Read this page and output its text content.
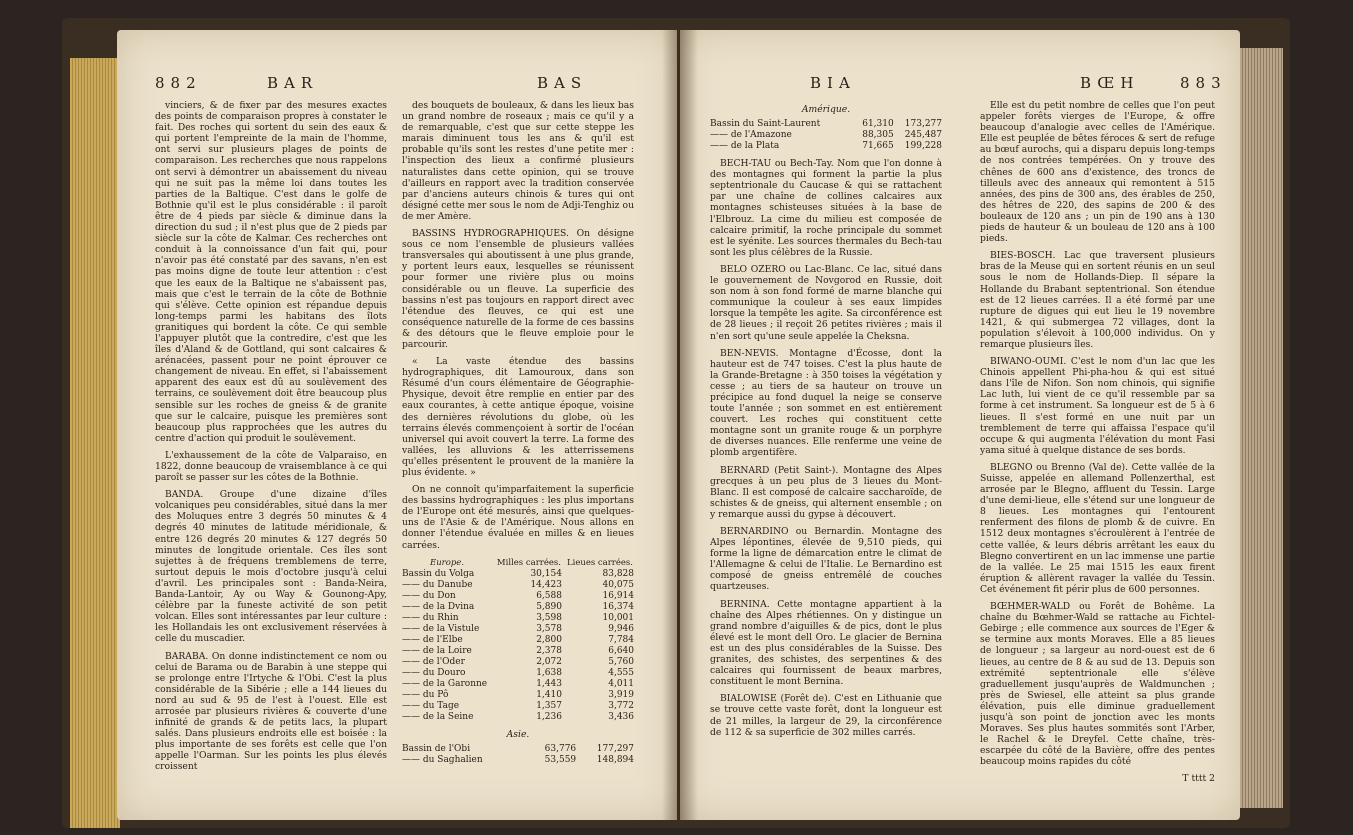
882	BAR	BAS

vinciers, & de fixer par des mesures exactes des points de comparaison propres à constater le fait. Des roches qui sortent du sein des eaux & qui portent l'empreinte de la main de l'homme, ont servi sur plusieurs plages de points de comparaison. Les recherches que nous rappelons ont servi à démontrer un abaissement du niveau qui ne suit pas la même loi dans toutes les parties de la Baltique. C'est dans le golfe de Bothnie qu'il est le plus considérable : il paroît être de 4 pieds par siècle & diminue dans la direction du sud ; il n'est plus que de 2 pieds par siècle sur la côte de Kalmar. Ces recherches ont conduit à la connoissance d'un fait qui, pour n'avoir pas été constaté par des savans, n'en est pas moins digne de toute leur attention : c'est que les eaux de la Baltique ne s'abaissent pas, mais que c'est le terrain de la côte de Bothnie qui s'élève. Cette opinion est répandue depuis long-temps parmi les habitans des îlots granitiques qui bordent la côte. Ce qui semble l'appuyer plutôt que la contredire, c'est que les îles d'Aland & de Gottland, qui sont calcaires & arénacées, passent pour ne point éprouver ce changement de niveau. En effet, si l'abaissement apparent des eaux est dû au soulèvement des terrains, ce soulèvement doit être beaucoup plus sensible sur les roches de gneiss & de granite que sur le calcaire, puisque les premières sont beaucoup plus rapprochées que les autres du centre d'action qui produit le soulèvement.

L'exhaussement de la côte de Valparaiso, en 1822, donne beaucoup de vraisemblance à ce qui paroît se passer sur les côtes de la Bothnie.

BANDA. Groupe d'une dizaine d'îles volcaniques peu considérables, situé dans la mer des Moluques entre 3 degrés 50 minutes & 4 degrés 40 minutes de latitude méridionale, & entre 126 degrés 20 minutes & 127 degrés 50 minutes de longitude orientale. Ces îles sont sujettes à de fréquens tremblemens de terre, surtout depuis le mois d'octobre jusqu'à celui d'avril. Les principales sont : Banda-Neira, Banda-Lantoir, Ay ou Way & Gounong-Apy, célèbre par la funeste activité de son petit volcan. Elles sont intéressantes par leur culture : les Hollandais les ont exclusivement réservées à celle du muscadier.

BARABA. On donne indistinctement ce nom ou celui de Barama ou de Barabin à une steppe qui se prolonge entre l'Irtyche & l'Obi. C'est la plus considérable de la Sibérie ; elle a 144 lieues du nord au sud & 95 de l'est à l'ouest. Elle est arrosée par plusieurs rivières & couverte d'une infinité de grands & de petits lacs, la plupart salés. Dans plusieurs endroits elle est boisée : la plus importante de ses forêts est celle que l'on appelle l'Oarman. Sur les points les plus élevés croissent

des bouquets de bouleaux, & dans les lieux bas un grand nombre de roseaux ; mais ce qu'il y a de remarquable, c'est que sur cette steppe les marais diminuent tous les ans & qu'il est probable qu'ils sont les restes d'une petite mer : l'inspection des lieux a confirmé plusieurs naturalistes dans cette opinion, qui se trouve d'ailleurs en rapport avec la tradition conservée par d'anciens auteurs chinois & tures qui ont désigné cette mer sous le nom de Adji-Tenghiz ou de mer Amère.

BASSINS HYDROGRAPHIQUES. On désigne sous ce nom l'ensemble de plusieurs vallées transversales qui aboutissent à une plus grande, y portent leurs eaux, lesquelles se réunissent pour former une rivière plus ou moins considérable ou un fleuve. La superficie des bassins n'est pas toujours en rapport direct avec l'étendue des fleuves, ce qui est une conséquence naturelle de la forme de ces bassins & des détours que le fleuve emploie pour le parcourir.

« La vaste étendue des bassins hydrographiques, dit Lamouroux, dans son Résumé d'un cours élémentaire de Géographie-Physique, devoit être remplie en entier par des eaux courantes, à cette antique époque, voisine des dernières révolutions du globe, où les terrains élevés commençoient à sortir de l'océan universel qui avoit couvert la terre. La forme des vallées, les alluvions & les atterrissemens qu'elles présentent le prouvent de la manière la plus évidente. »

On ne connoît qu'imparfaitement la superficie des bassins hydrographiques : les plus importans de l'Europe ont été mesurés, ainsi que quelques-uns de l'Asie & de l'Amérique. Nous allons en donner l'étendue évaluée en milles & en lieues carrées.

Europe.	Milles carrées.	Lieues carrées.
Bassin du Volga	30,154	83,828
—— du Danube	14,423	40,075
—— du Don	6,588	16,914
—— de la Dvina	5,890	16,374
—— du Rhin	3,598	10,001
—— de la Vistule	3,578	9,946
—— de l'Elbe	2,800	7,784
—— de la Loire	2,378	6,640
—— de l'Oder	2,072	5,760
—— du Douro	1,638	4,555
—— de la Garonne	1,443	4,011
—— du Pô	1,410	3,919
—— du Tage	1,357	3,772
—— de la Seine	1,236	3,436
Asie.
Bassin de l'Obi	63,776	177,297
—— du Saghalien	53,559	148,894
BIA	BŒH	883
Amérique.
Bassin du Saint-Laurent	61,310	173,277
—— de l'Amazone	88,305	245,487
—— de la Plata	71,665	199,228

BECH-TAU ou Bech-Tay. Nom que l'on donne à des montagnes qui forment la partie la plus septentrionale du Caucase & qui se rattachent par une chaîne de collines calcaires aux montagnes schisteuses situées à la base de l'Elbrouz. La cime du milieu est composée de calcaire primitif, la roche principale du sommet est le syénite. Les sources thermales du Bech-tau sont les plus célèbres de la Russie.

BELO OZERO ou Lac-Blanc. Ce lac, situé dans le gouvernement de Novgorod en Russie, doit son nom à son fond formé de marne blanche qui communique la couleur à ses eaux limpides lorsque la tempête les agite. Sa circonférence est de 28 lieues ; il reçoit 26 petites rivières ; mais il n'en sort qu'une seule appelée la Cheksna.

BEN-NEVIS. Montagne d'Écosse, dont la hauteur est de 747 toises. C'est la plus haute de la Grande-Bretagne : à 350 toises la végétation y cesse ; au tiers de sa hauteur on trouve un précipice au fond duquel la neige se conserve toute l'année ; son sommet en est entièrement couvert. Les roches qui constituent cette montagne sont un granite rouge & un porphyre de diverses nuances. Elle renferme une veine de plomb argentifère.

BERNARD (Petit Saint-). Montagne des Alpes grecques à un peu plus de 3 lieues du Mont-Blanc. Il est composé de calcaire saccharoïde, de schistes & de gneiss, qui alternent ensemble ; on y remarque aussi du gypse à découvert.

BERNARDINO ou Bernardin. Montagne des Alpes lépontines, élevée de 9,510 pieds, qui forme la ligne de démarcation entre le climat de l'Allemagne & celui de l'Italie. Le Bernardino est composé de gneiss entremêlé de couches quartzeuses.

BERNINA. Cette montagne appartient à la chaîne des Alpes rhétiennes. On y distingue un grand nombre d'aiguilles & de pics, dont le plus élevé est le mont dell Oro. Le glacier de Bernina est un des plus considérables de la Suisse. Des granites, des schistes, des serpentines & des calcaires qui fournissent de beaux marbres, constituent le mont Bernina.

BIALOWISE (Forêt de). C'est en Lithuanie que se trouve cette vaste forêt, dont la longueur est de 21 milles, la largeur de 29, la circonférence de 112 & sa superficie de 302 milles carrés.

Elle est du petit nombre de celles que l'on peut appeler forêts vierges de l'Europe, & offre beaucoup d'analogie avec celles de l'Amérique. Elle est peuplée de bêtes féroces & sert de refuge au bœuf aurochs, qui a disparu depuis long-temps de nos contrées tempérées. On y trouve des chênes de 600 ans d'existence, des troncs de tilleuls avec des anneaux qui remontent à 515 années, des pins de 300 ans, des érables de 250, des hêtres de 220, des sapins de 200 & des bouleaux de 120 ans ; un pin de 190 ans à 130 pieds de hauteur & un bouleau de 120 ans à 100 pieds.

BIES-BOSCH. Lac que traversent plusieurs bras de la Meuse qui en sortent réunis en un seul sous le nom de Hollands-Diep. Il sépare la Hollande du Brabant septentrional. Son étendue est de 12 lieues carrées. Il a été formé par une rupture de digues qui eut lieu le 19 novembre 1421, & qui submergea 72 villages, dont la population s'élevoit à 100,000 individus. On y remarque plusieurs îles.

BIWANO-OUMI. C'est le nom d'un lac que les Chinois appellent Phi-pha-hou & qui est situé dans l'île de Nifon. Son nom chinois, qui signifie Lac luth, lui vient de ce qu'il ressemble par sa forme à cet instrument. Sa longueur est de 5 à 6 lieues. Il s'est formé en une nuit par un tremblement de terre qui affaissa l'espace qu'il occupe & qui augmenta l'élévation du mont Fasi yama situé à quelque distance de ses bords.

BLEGNO ou Brenno (Val de). Cette vallée de la Suisse, appelée en allemand Pollenzerthal, est arrosée par le Blegno, affluent du Tessin. Large d'une demi-lieue, elle s'étend sur une longueur de 8 lieues. Les montagnes qui l'entourent renferment des filons de plomb & de cuivre. En 1512 deux montagnes s'écroulèrent à l'entrée de cette vallée, & leurs débris arrêtant les eaux du Blegno convertirent en un lac immense une partie de la vallée. Le 25 mai 1515 les eaux firent éruption & allèrent ravager la vallée du Tessin. Cet événement fit périr plus de 600 personnes.

BŒHMER-WALD ou Forêt de Bohême. La chaîne du Bœhmer-Wald se rattache au Fichtel-Gebirge ; elle commence aux sources de l'Eger & se termine aux monts Moraves. Elle a 85 lieues de longueur ; sa largeur au nord-ouest est de 6 lieues, au centre de 8 & au sud de 13. Depuis son extrémité septentrionale elle s'élève graduellement jusqu'auprès de Waldmunchen ; près de Swiesel, elle atteint sa plus grande élévation, puis elle diminue graduellement jusqu'à son point de jonction avec les monts Moraves. Ses plus hautes sommités sont l'Arber, le Rachel & le Dreyfel. Cette chaîne, très-escarpée du côté de la Bavière, offre des pentes beaucoup moins rapides du côté

T tttt 2
